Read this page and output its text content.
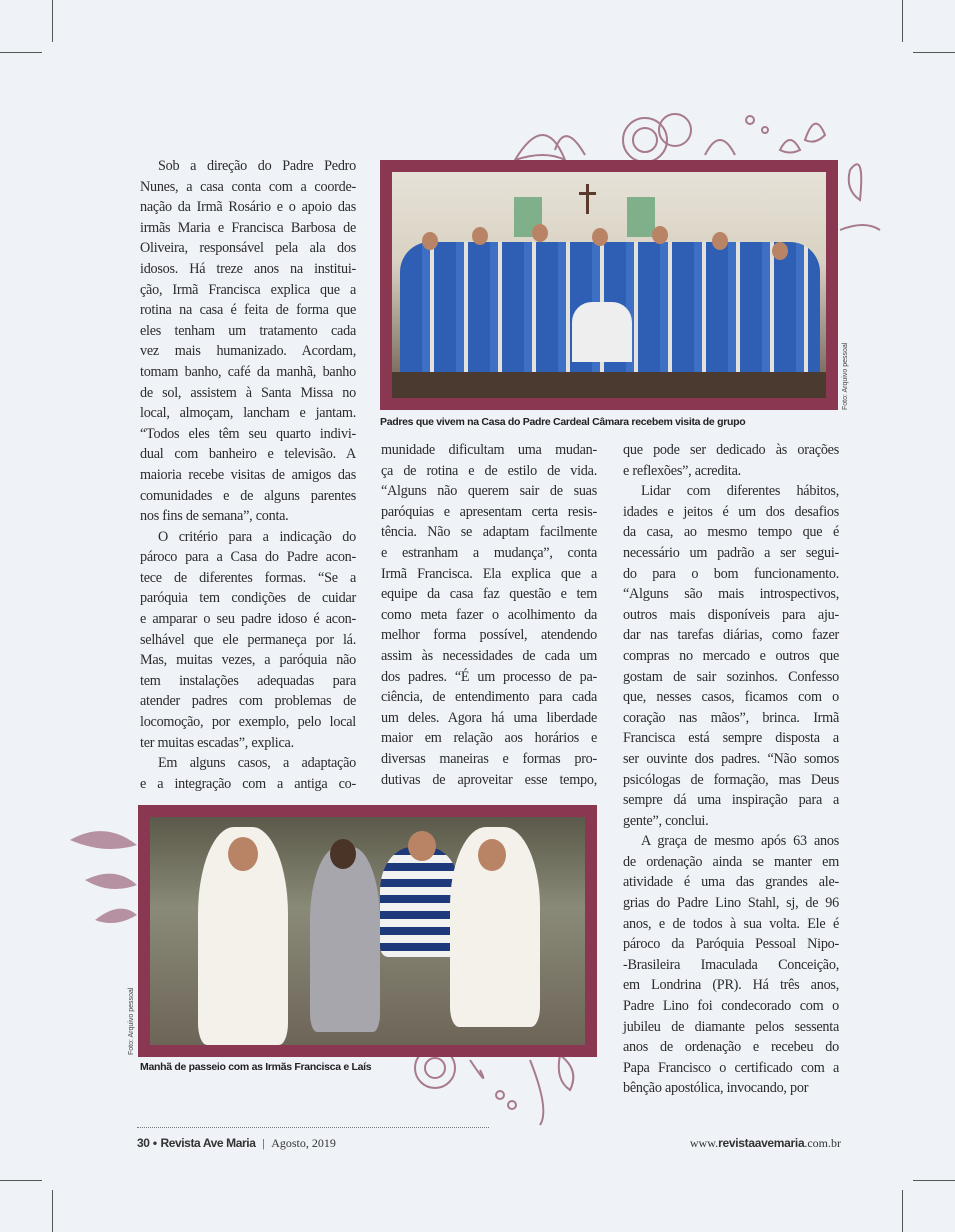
Foto: Arquivo pessoal
Padres que vivem na Casa do Padre Cardeal Câmara recebem visita de grupo
Foto: Arquivo pessoal
Manhã de passeio com as Irmãs Francisca e Laís
Sob a direção do Padre Pedro
Nunes, a casa conta com a coorde-
nação da Irmã Rosário e o apoio das
irmãs Maria e Francisca Barbosa de
Oliveira, responsável pela ala dos
idosos. Há treze anos na institui-
ção, Irmã Francisca explica que a
rotina na casa é feita de forma que
eles tenham um tratamento cada
vez mais humanizado. Acordam,
tomam banho, café da manhã, banho
de sol, assistem à Santa Missa no
local, almoçam, lancham e jantam.
“Todos eles têm seu quarto indivi-
dual com banheiro e televisão. A
maioria recebe visitas de amigos das
comunidades e de alguns parentes
nos fins de semana”, conta.
O critério para a indicação do
pároco para a Casa do Padre acon-
tece de diferentes formas. “Se a
paróquia tem condições de cuidar
e amparar o seu padre idoso é acon-
selhável que ele permaneça por lá.
Mas, muitas vezes, a paróquia não
tem instalações adequadas para
atender padres com problemas de
locomoção, por exemplo, pelo local
ter muitas escadas”, explica.
Em alguns casos, a adaptação
e a integração com a antiga co-
munidade dificultam uma mudan-
ça de rotina e de estilo de vida.
“Alguns não querem sair de suas
paróquias e apresentam certa resis-
tência. Não se adaptam facilmente
e estranham a mudança”, conta
Irmã Francisca. Ela explica que a
equipe da casa faz questão e tem
como meta fazer o acolhimento da
melhor forma possível, atendendo
assim às necessidades de cada um
dos padres. “É um processo de pa-
ciência, de entendimento para cada
um deles. Agora há uma liberdade
maior em relação aos horários e
diversas maneiras e formas pro-
dutivas de aproveitar esse tempo,
que pode ser dedicado às orações
e reflexões”, acredita.
Lidar com diferentes hábitos,
idades e jeitos é um dos desafios
da casa, ao mesmo tempo que é
necessário um padrão a ser segui-
do para o bom funcionamento.
“Alguns são mais introspectivos,
outros mais disponíveis para aju-
dar nas tarefas diárias, como fazer
compras no mercado e outros que
gostam de sair sozinhos. Confesso
que, nesses casos, ficamos com o
coração nas mãos”, brinca. Irmã
Francisca está sempre disposta a
ser ouvinte dos padres. “Não somos
psicólogas de formação, mas Deus
sempre dá uma inspiração para a
gente”, conclui.
A graça de mesmo após 63 anos
de ordenação ainda se manter em
atividade é uma das grandes ale-
grias do Padre Lino Stahl, sj, de 96
anos, e de todos à sua volta. Ele é
pároco da Paróquia Pessoal Nipo-
-Brasileira Imaculada Conceição,
em Londrina (PR). Há três anos,
Padre Lino foi condecorado com o
jubileu de diamante pelos sessenta
anos de ordenação e recebeu do
Papa Francisco o certificado com a
bênção apostólica, invocando, por
30 • Revista Ave Maria | Agosto, 2019	www.revistaavemaria.com.br
